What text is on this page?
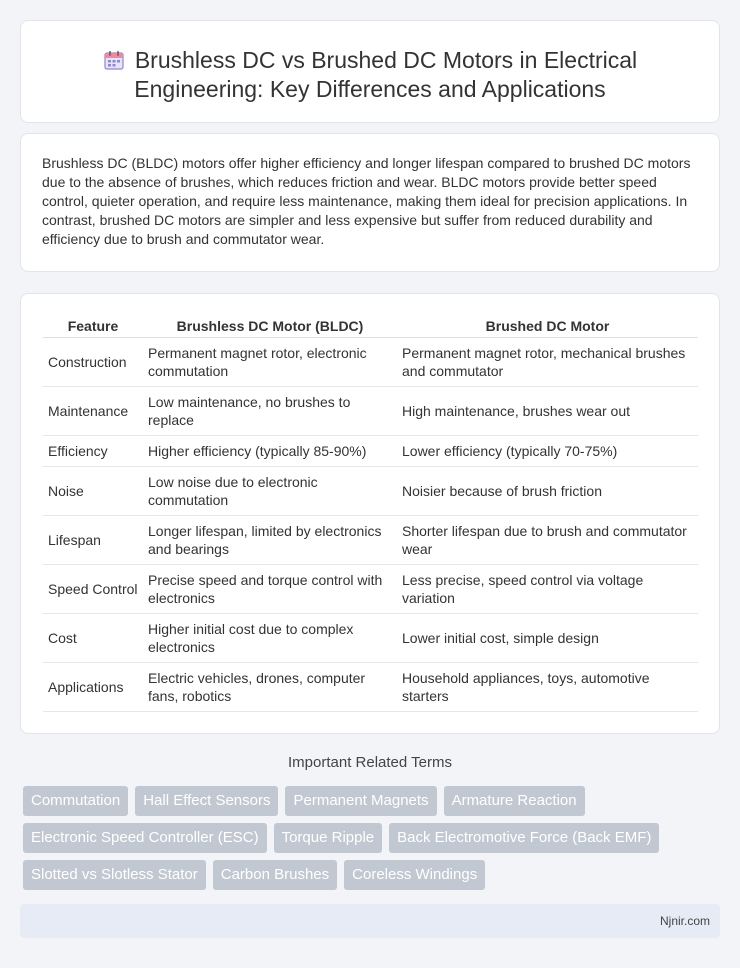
Brushless DC vs Brushed DC Motors in Electrical Engineering: Key Differences and Applications

Brushless DC (BLDC) motors offer higher efficiency and longer lifespan compared to brushed DC motors due to the absence of brushes, which reduces friction and wear. BLDC motors provide better speed control, quieter operation, and require less maintenance, making them ideal for precision applications. In contrast, brushed DC motors are simpler and less expensive but suffer from reduced durability and efficiency due to brush and commutator wear.

Feature	Brushless DC Motor (BLDC)	Brushed DC Motor
Construction	Permanent magnet rotor, electronic commutation	Permanent magnet rotor, mechanical brushes and commutator
Maintenance	Low maintenance, no brushes to replace	High maintenance, brushes wear out
Efficiency	Higher efficiency (typically 85-90%)	Lower efficiency (typically 70-75%)
Noise	Low noise due to electronic commutation	Noisier because of brush friction
Lifespan	Longer lifespan, limited by electronics and bearings	Shorter lifespan due to brush and commutator wear
Speed Control	Precise speed and torque control with electronics	Less precise, speed control via voltage variation
Cost	Higher initial cost due to complex electronics	Lower initial cost, simple design
Applications	Electric vehicles, drones, computer fans, robotics	Household appliances, toys, automotive starters
Important Related Terms
Commutation	Hall Effect Sensors	Permanent Magnets	Armature Reaction
Electronic Speed Controller (ESC)	Torque Ripple	Back Electromotive Force (Back EMF)
Slotted vs Slotless Stator	Carbon Brushes	Coreless Windings
Njnir.com
